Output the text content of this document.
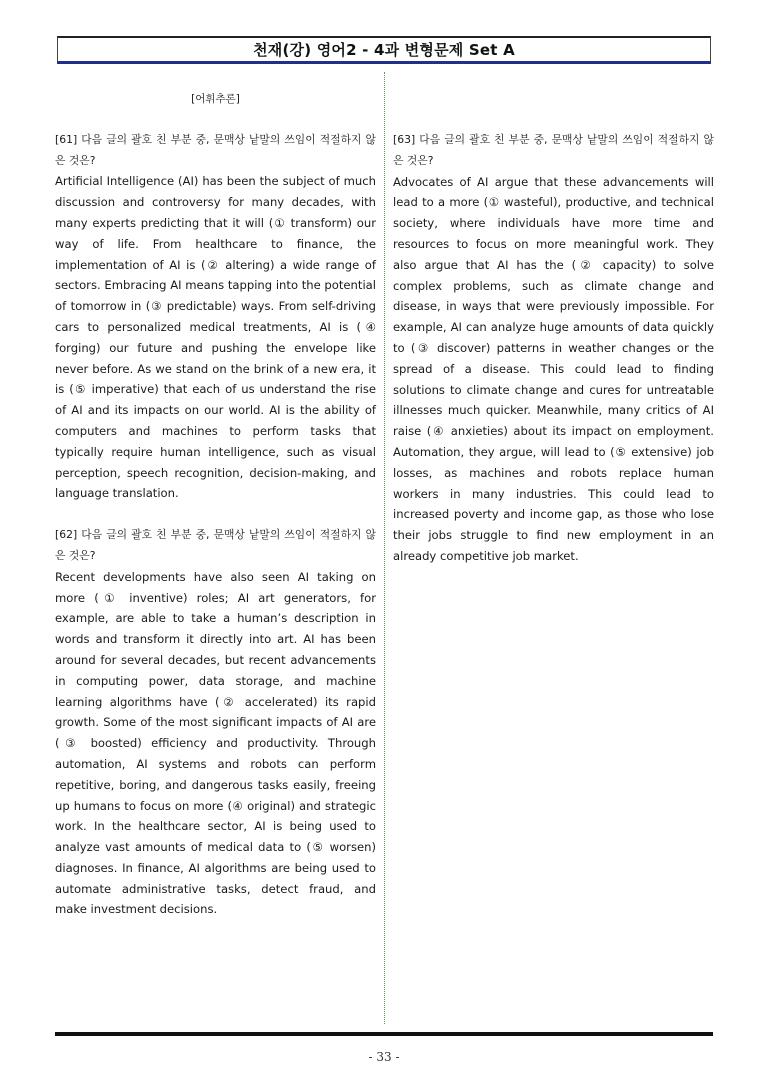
천재(강) 영어2 - 4과 변형문제 Set A
[어휘추론]
[61] 다음 글의 괄호 친 부분 중, 문맥상 낱말의 쓰임이 적절하지 않은 것은?
Artificial Intelligence (AI) has been the subject of much discussion and controversy for many decades, with many experts predicting that it will (① transform) our way of life. From healthcare to finance, the implementation of AI is (② altering) a wide range of sectors. Embracing AI means tapping into the potential of tomorrow in (③ predictable) ways. From self-driving cars to personalized medical treatments, AI is (④ forging) our future and pushing the envelope like never before. As we stand on the brink of a new era, it is (⑤ imperative) that each of us understand the rise of AI and its impacts on our world. AI is the ability of computers and machines to perform tasks that typically require human intelligence, such as visual perception, speech recognition, decision-making, and language translation.
[62] 다음 글의 괄호 친 부분 중, 문맥상 낱말의 쓰임이 적절하지 않은 것은?
Recent developments have also seen AI taking on more (① inventive) roles; AI art generators, for example, are able to take a human’s description in words and transform it directly into art. AI has been around for several decades, but recent advancements in computing power, data storage, and machine learning algorithms have (② accelerated) its rapid growth. Some of the most significant impacts of AI are (③ boosted) efficiency and productivity. Through automation, AI systems and robots can perform repetitive, boring, and dangerous tasks easily, freeing up humans to focus on more (④ original) and strategic work. In the healthcare sector, AI is being used to analyze vast amounts of medical data to (⑤ worsen) diagnoses. In finance, AI algorithms are being used to automate administrative tasks, detect fraud, and make investment decisions.
[63] 다음 글의 괄호 친 부분 중, 문맥상 낱말의 쓰임이 적절하지 않은 것은?
Advocates of AI argue that these advancements will lead to a more (① wasteful), productive, and technical society, where individuals have more time and resources to focus on more meaningful work. They also argue that AI has the (② capacity) to solve complex problems, such as climate change and disease, in ways that were previously impossible. For example, AI can analyze huge amounts of data quickly to (③ discover) patterns in weather changes or the spread of a disease. This could lead to finding solutions to climate change and cures for untreatable illnesses much quicker. Meanwhile, many critics of AI raise (④ anxieties) about its impact on employment. Automation, they argue, will lead to (⑤ extensive) job losses, as machines and robots replace human workers in many industries. This could lead to increased poverty and income gap, as those who lose their jobs struggle to find new employment in an already competitive job market.
- 33 -
